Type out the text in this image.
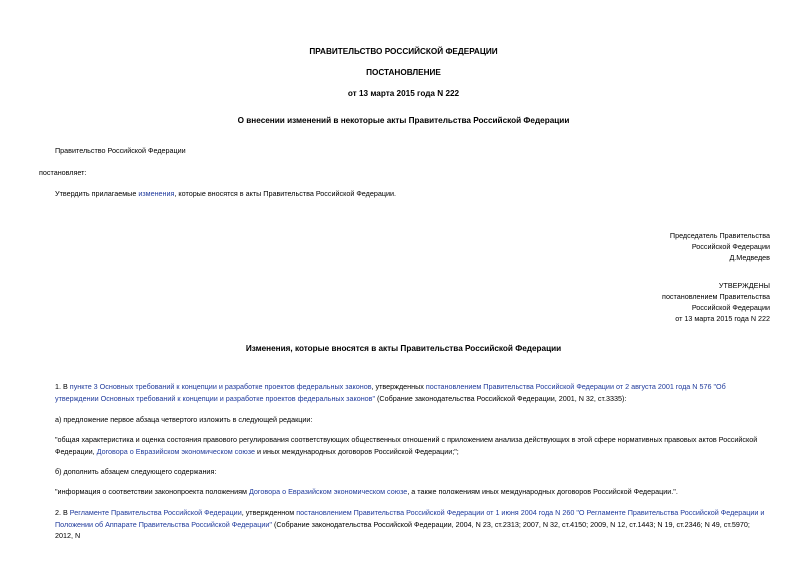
ПРАВИТЕЛЬСТВО РОССИЙСКОЙ ФЕДЕРАЦИИ
ПОСТАНОВЛЕНИЕ
от 13 марта 2015 года N 222
О внесении изменений в некоторые акты Правительства Российской Федерации
Правительство Российской Федерации
постановляет:
Утвердить прилагаемые изменения, которые вносятся в акты Правительства Российской Федерации.
Председатель Правительства
Российской Федерации
Д.Медведев
УТВЕРЖДЕНЫ
постановлением Правительства
Российской Федерации
от 13 марта 2015 года N 222
Изменения, которые вносятся в акты Правительства Российской Федерации
1. В пункте 3 Основных требований к концепции и разработке проектов федеральных законов, утвержденных постановлением Правительства Российской Федерации от 2 августа 2001 года N 576 "Об утверждении Основных требований к концепции и разработке проектов федеральных законов" (Собрание законодательства Российской Федерации, 2001, N 32, ст.3335):
а) предложение первое абзаца четвертого изложить в следующей редакции:
"общая характеристика и оценка состояния правового регулирования соответствующих общественных отношений с приложением анализа действующих в этой сфере нормативных правовых актов Российской Федерации, Договора о Евразийском экономическом союзе и иных международных договоров Российской Федерации;";
б) дополнить абзацем следующего содержания:
"информация о соответствии законопроекта положениям Договора о Евразийском экономическом союзе, а также положениям иных международных договоров Российской Федерации.".
2. В Регламенте Правительства Российской Федерации, утвержденном постановлением Правительства Российской Федерации от 1 июня 2004 года N 260 "О Регламенте Правительства Российской Федерации и Положении об Аппарате Правительства Российской Федерации" (Собрание законодательства Российской Федерации, 2004, N 23, ст.2313; 2007, N 32, ст.4150; 2009, N 12, ст.1443; N 19, ст.2346; N 49, ст.5970; 2012, N
